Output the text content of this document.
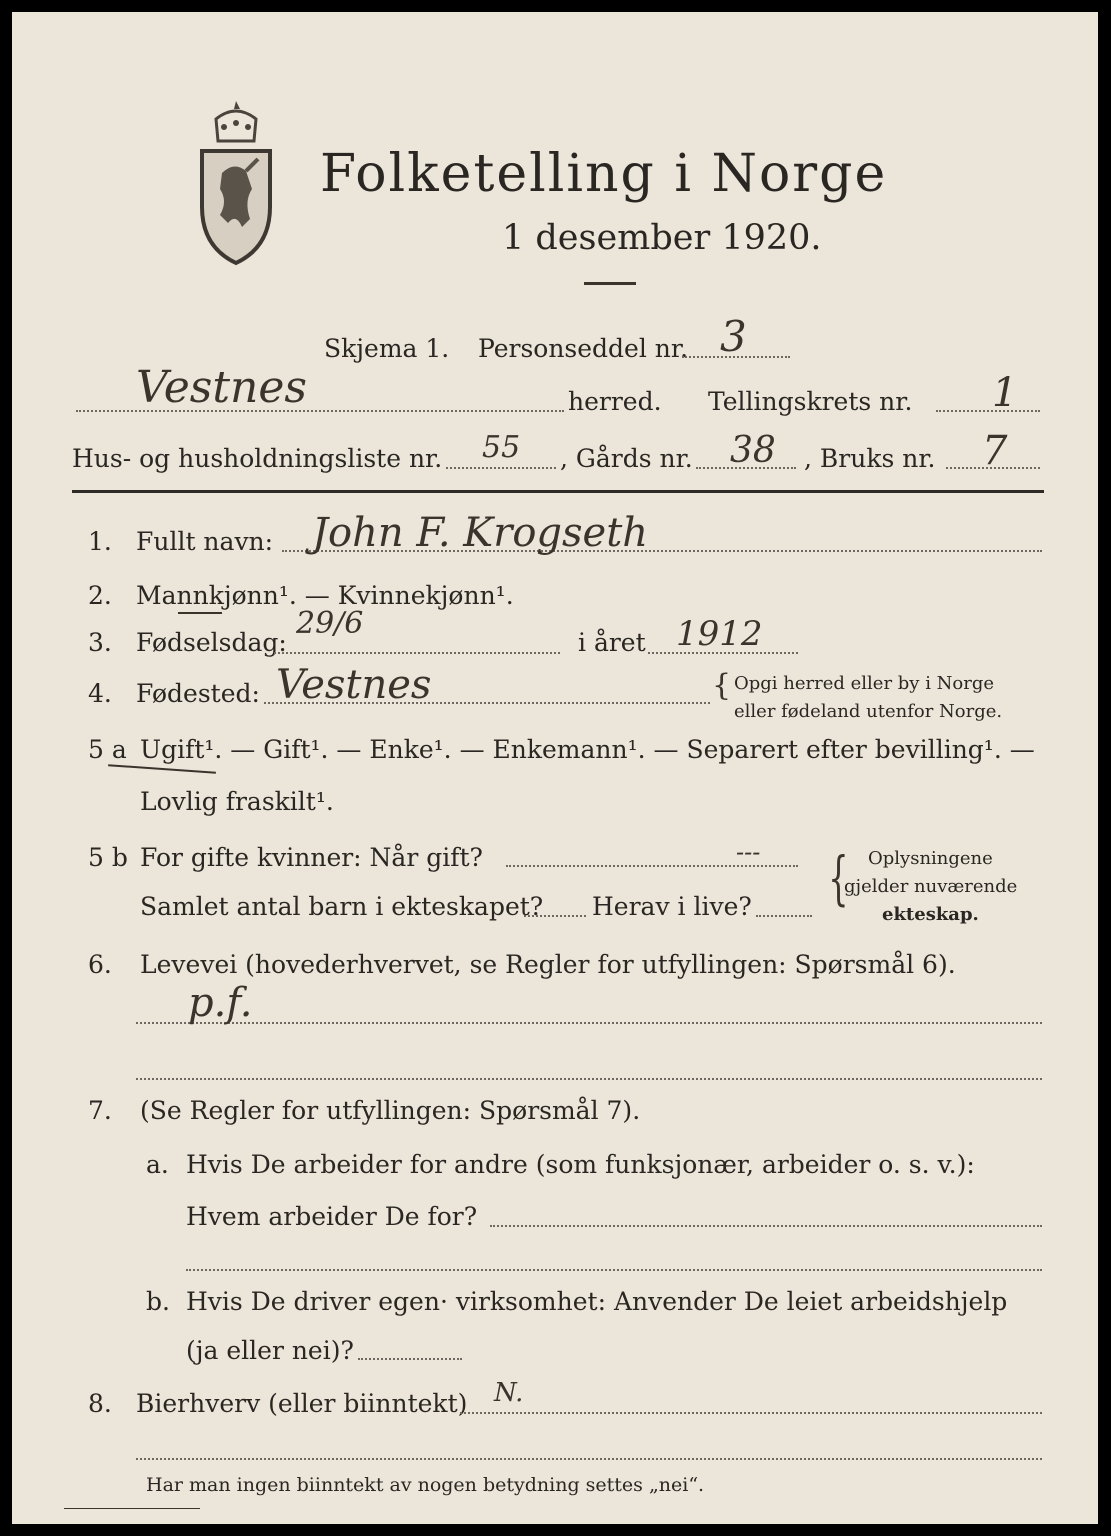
Folketelling i Norge
1 desember 1920.
Skjema 1. Personseddel nr. 3
Vestnes	herred. Tellingskrets nr. 1
Hus- og husholdningsliste nr. 55 , Gårds nr. 38 , Bruks nr. 7
1. Fullt navn: John F. Krogseth
2. Mannkjønn¹. — Kvinnekjønn¹.
3. Fødselsdag:
29/6
i året 1912
4. Fødested: Vestnes	{ Opgi herred eller by i Norge
eller fødeland utenfor Norge.
5 a Ugift¹. — Gift¹. — Enke¹. — Enkemann¹. — Separert efter bevilling¹. —
Lovlig fraskilt¹.
5 b For gifte kvinner: Når gift?	---
Samlet antal barn i ekteskapet? Herav i live? { Oplysningene
gjelder nuværende
ekteskap.
6. Levevei (hovederhvervet, se Regler for utfyllingen: Spørsmål 6).
p.f.
7. (Se Regler for utfyllingen: Spørsmål 7).
a. Hvis De arbeider for andre (som funksjonær, arbeider o. s. v.):
Hvem arbeider De for?
b. Hvis De driver egen· virksomhet: Anvender De leiet arbeidshjelp
(ja eller nei)?
8. Bierhverv (eller biinntekt) N.
Har man ingen biinntekt av nogen betydning settes „nei“.
